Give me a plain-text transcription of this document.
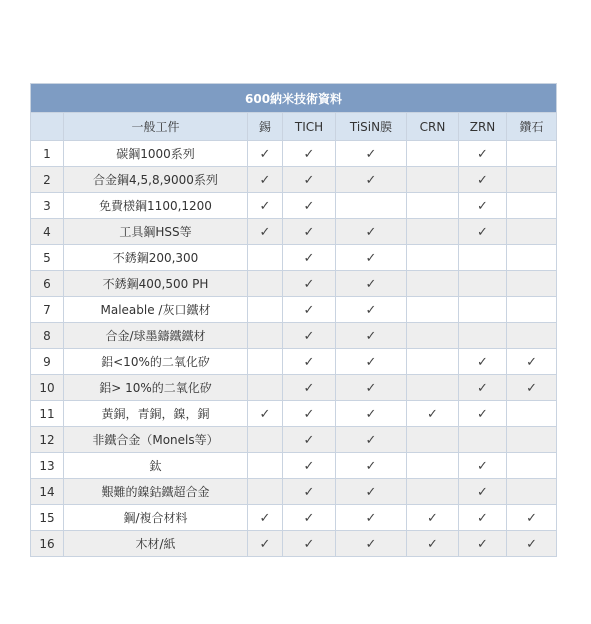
600納米技術資料							
	一般工件	錫	TICH	TiSiN膜	CRN	ZRN	鑽石
1	碳鋼1000系列	✓	✓	✓		✓	
2	合金鋼4,5,8,9000系列	✓	✓	✓		✓	
3	免費檨鋼1100,1200	✓	✓			✓	
4	工具鋼HSS等	✓	✓	✓		✓	
5	不銹鋼200,300		✓	✓			
6	不銹鋼400,500 PH		✓	✓			
7	Maleable /灰口鐵材		✓	✓			
8	合金/球墨鑄鐵鐵材		✓	✓			
9	鋁<10%的二氧化矽		✓	✓		✓	✓
10	鋁> 10%的二氧化矽		✓	✓		✓	✓
11	黃銅，青銅，鎳，銅	✓	✓	✓	✓	✓	
12	非鐵合金（Monels等）		✓	✓			
13	鈦		✓	✓		✓	
14	艱難的鎳鈷鐵超合金		✓	✓		✓	
15	鋼/複合材料	✓	✓	✓	✓	✓	✓
16	木材/紙	✓	✓	✓	✓	✓	✓
